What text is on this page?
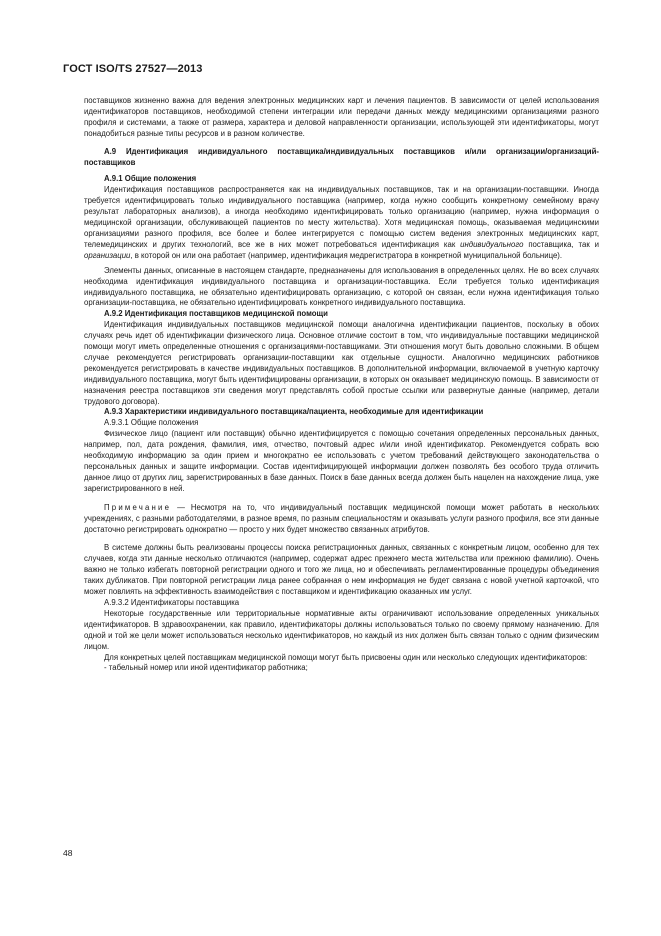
ГОСТ ISO/TS 27527—2013

поставщиков жизненно важна для ведения электронных медицинских карт и лечения пациентов. В зависимости от целей использования идентификаторов поставщиков, необходимой степени интеграции или передачи данных между медицинскими организациями разного профиля и системами, а также от размера, характера и деловой направленности организации, использующей эти идентификаторы, могут понадобиться разные типы ресурсов и в разном количестве.

А.9 Идентификация индивидуального поставщика/индивидуальных поставщиков и/или организации/организаций-поставщиков

А.9.1 Общие положения

Идентификация поставщиков распространяется как на индивидуальных поставщиков, так и на организации-поставщики. Иногда требуется идентифицировать только индивидуального поставщика (например, когда нужно сообщить конкретному семейному врачу результат лабораторных анализов), а иногда необходимо идентифицировать только организацию (например, нужна информация о медицинской организации, обслуживающей пациентов по месту жительства). Хотя медицинская помощь, оказываемая медицинскими организациями разного профиля, все более и более интегрируется с помощью систем ведения электронных медицинских карт, телемедицинских и других технологий, все же в них может потребоваться идентификация как индивидуального поставщика, так и организации, в которой он или она работает (например, идентификация медрегистратора в конкретной муниципальной больнице).

Элементы данных, описанные в настоящем стандарте, предназначены для использования в определенных целях. Не во всех случаях необходима идентификация индивидуального поставщика и организации-поставщика. Если требуется только идентификация индивидуального поставщика, не обязательно идентифицировать организацию, с которой он связан, если нужна идентификация только организации-поставщика, не обязательно идентифицировать конкретного индивидуального поставщика.

А.9.2 Идентификация поставщиков медицинской помощи

Идентификация индивидуальных поставщиков медицинской помощи аналогична идентификации пациентов, поскольку в обоих случаях речь идет об идентификации физического лица. Основное отличие состоит в том, что индивидуальные поставщики медицинской помощи могут иметь определенные отношения с организациями-поставщиками. Эти отношения могут быть довольно сложными. В общем случае рекомендуется регистрировать организации-поставщики как отдельные сущности. Аналогично медицинских работников рекомендуется регистрировать в качестве индивидуальных поставщиков. В дополнительной информации, включаемой в учетную карточку индивидуального поставщика, могут быть идентифицированы организации, в которых он оказывает медицинскую помощь. В зависимости от назначения реестра поставщиков эти сведения могут представлять собой простые ссылки или развернутые данные (например, детали трудового договора).

А.9.3 Характеристики индивидуального поставщика/пациента, необходимые для идентификации

А.9.3.1 Общие положения

Физическое лицо (пациент или поставщик) обычно идентифицируется с помощью сочетания определенных персональных данных, например, пол, дата рождения, фамилия, имя, отчество, почтовый адрес и/или иной идентификатор. Рекомендуется собрать всю необходимую информацию за один прием и многократно ее использовать с учетом требований действующего законодательства о персональных данных и защите информации. Состав идентифицирующей информации должен позволять без особого труда отличить данное лицо от других лиц, зарегистрированных в базе данных. Поиск в базе данных всегда должен быть нацелен на нахождение лица, уже зарегистрированного в ней.

Примечание — Несмотря на то, что индивидуальный поставщик медицинской помощи может работать в нескольких учреждениях, с разными работодателями, в разное время, по разным специальностям и оказывать услуги разного профиля, все эти данные достаточно регистрировать однократно — просто у них будет множество связанных атрибутов.

В системе должны быть реализованы процессы поиска регистрационных данных, связанных с конкретным лицом, особенно для тех случаев, когда эти данные несколько отличаются (например, содержат адрес прежнего места жительства или прежнюю фамилию). Очень важно не только избегать повторной регистрации одного и того же лица, но и обеспечивать регламентированные процедуры объединения таких дубликатов. При повторной регистрации лица ранее собранная о нем информация не будет связана с новой учетной карточкой, что может повлиять на эффективность взаимодействия с поставщиком и идентификацию оказанных им услуг.

А.9.3.2 Идентификаторы поставщика

Некоторые государственные или территориальные нормативные акты ограничивают использование определенных уникальных идентификаторов. В здравоохранении, как правило, идентификаторы должны использоваться только по своему прямому назначению. Для одной и той же цели может использоваться несколько идентификаторов, но каждый из них должен быть связан только с одним физическим лицом.

Для конкретных целей поставщикам медицинской помощи могут быть присвоены один или несколько следующих идентификаторов:

- табельный номер или иной идентификатор работника;

48
